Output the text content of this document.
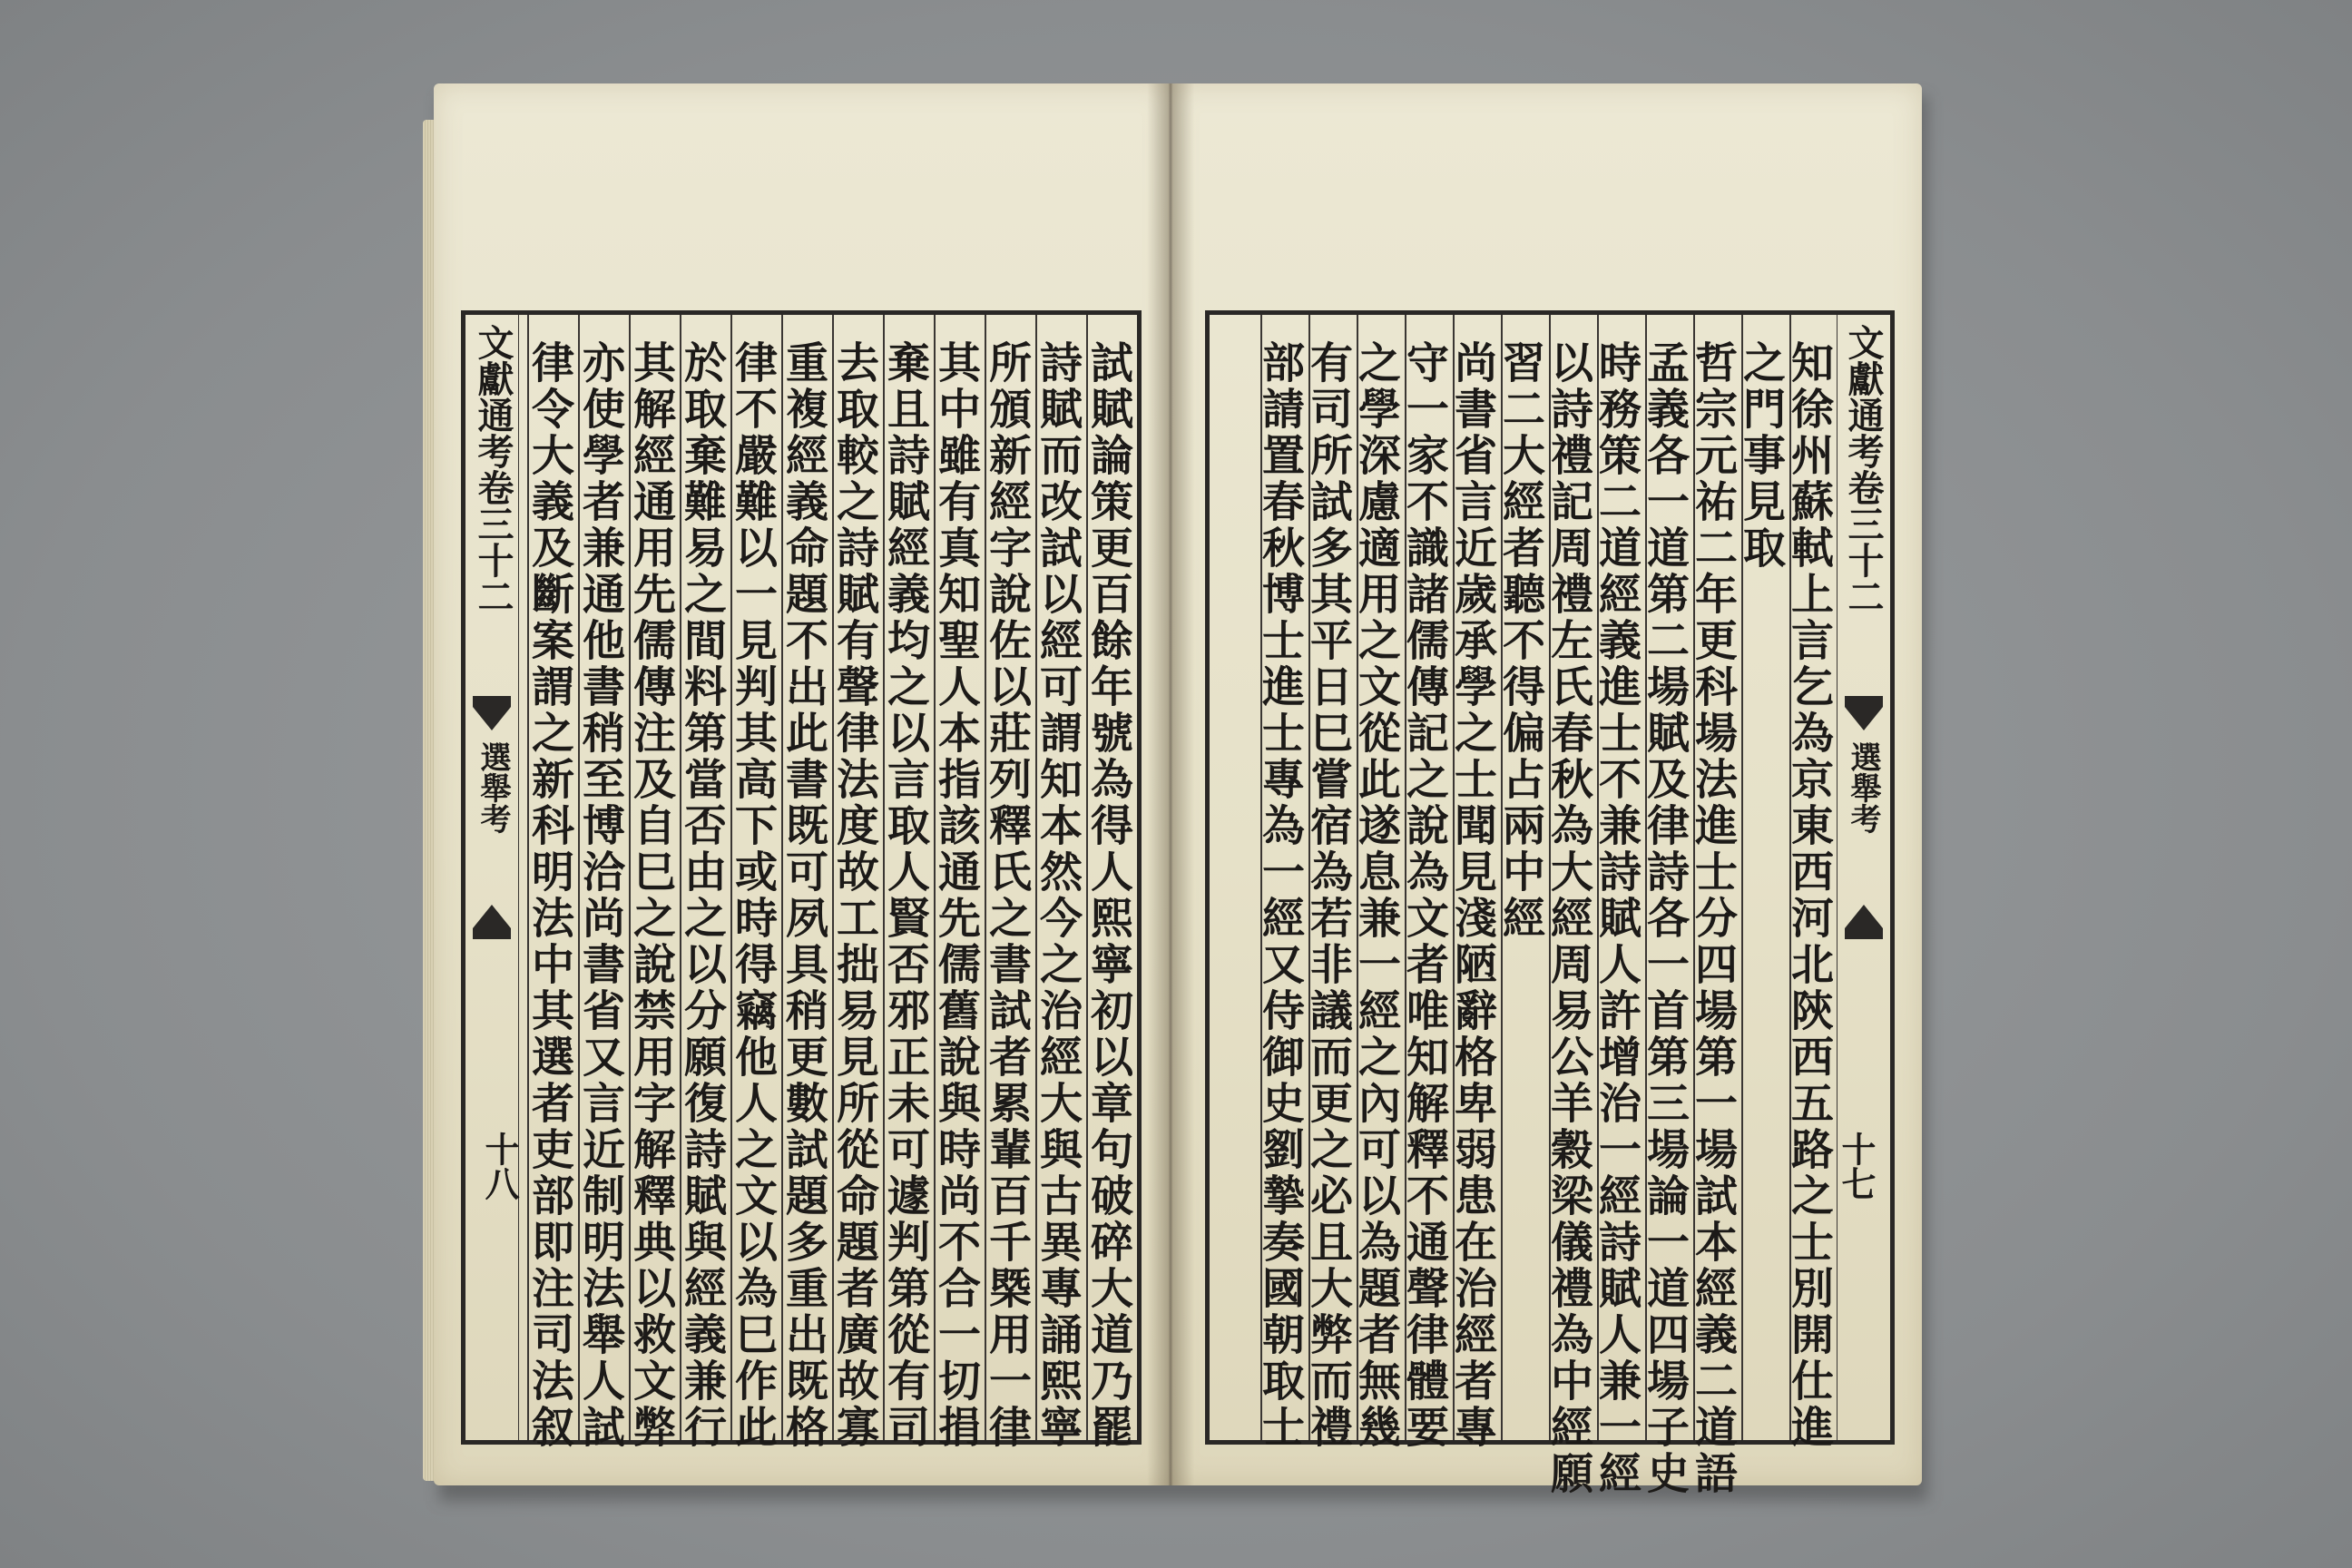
文獻通考卷三十二
選舉考
十八	試賦論策更百餘年號為得人熙寧初以章句破碎大道乃罷
詩賦而改試以經可謂知本然今之治經大與古異專誦熙寧
所頒新經字說佐以莊列釋氏之書試者累輩百千槩用一律
其中雖有真知聖人本指該通先儒舊說與時尚不合一切捐
棄且詩賦經義均之以言取人賢否邪正未可遽判第從有司
去取較之詩賦有聲律法度故工拙易見所從命題者廣故寡
重複經義命題不出此書既可夙具稍更數試題多重出既格
律不嚴難以一見判其高下或時得竊他人之文以為巳作此
於取棄難易之間料第當否由之以分願復詩賦與經義兼行
其解經通用先儒傳注及自巳之說禁用字解釋典以救文弊
亦使學者兼通他書稍至博洽尚書省又言近制明法舉人試
律令大義及斷案謂之新科明法中其選者吏部即注司法叙	文獻通考卷三十二
選舉考
十七
知徐州蘇軾上言乞為京東西河北陝西五路之士別開仕進
之門事見取
哲宗元祐二年更科場法進士分四場第一場試本經義二道語
孟義各一道第二場賦及律詩各一首第三場論一道四場子史
時務策二道經義進士不兼詩賦人許增治一經詩賦人兼一經
以詩禮記周禮左氏春秋為大經周易公羊穀梁儀禮為中經願
習二大經者聽不得偏占兩中經
尚書省言近歲承學之士聞見淺陋辭格卑弱患在治經者專
守一家不識諸儒傳記之說為文者唯知解釋不通聲律體要
之學深慮適用之文從此遂息兼一經之內可以為題者無幾
有司所試多其平日巳嘗宿為若非議而更之必且大弊而禮
部請置春秋博士進士專為一經又侍御史劉摯奏國朝取士
